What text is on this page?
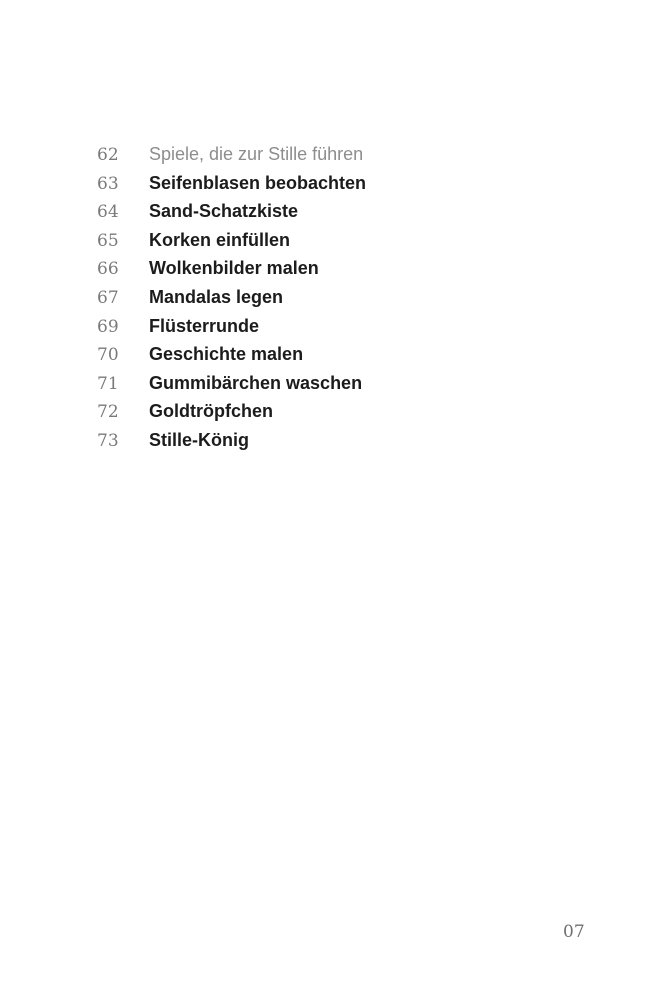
62	Spiele, die zur Stille führen
63	Seifenblasen beobachten
64	Sand-Schatzkiste
65	Korken einfüllen
66	Wolkenbilder malen
67	Mandalas legen
69	Flüsterrunde
70	Geschichte malen
71	Gummibärchen waschen
72	Goldtröpfchen
73	Stille-König
07
